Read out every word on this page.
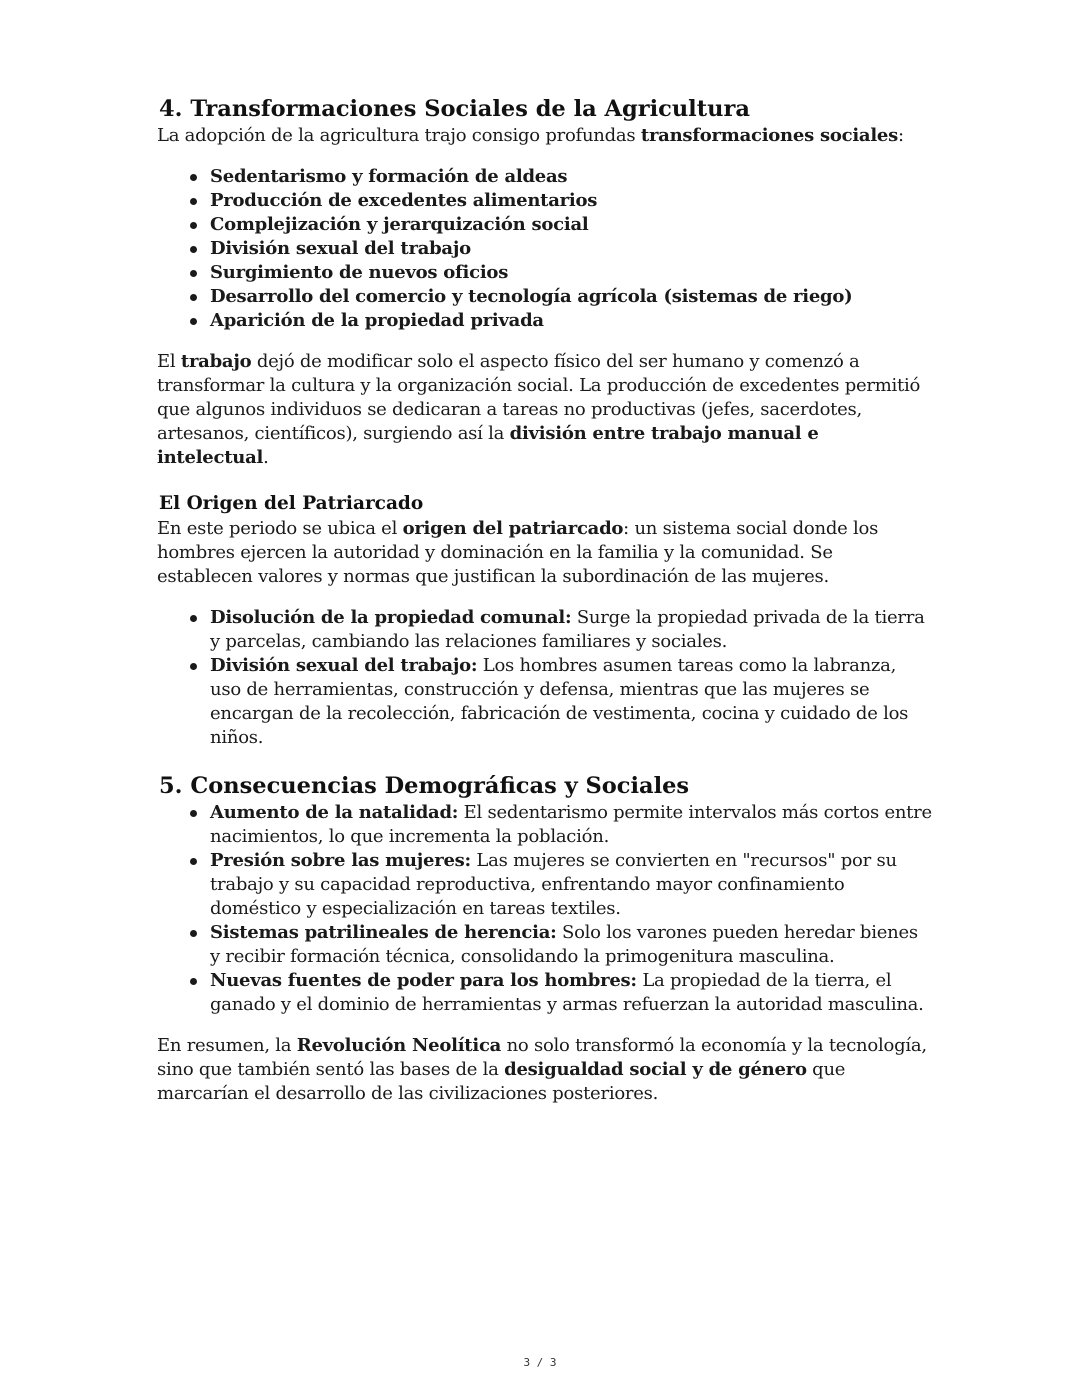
4. Transformaciones Sociales de la Agricultura

La adopción de la agricultura trajo consigo profundas transformaciones sociales:

Sedentarismo y formación de aldeas
Producción de excedentes alimentarios
Complejización y jerarquización social
División sexual del trabajo
Surgimiento de nuevos oficios
Desarrollo del comercio y tecnología agrícola (sistemas de riego)
Aparición de la propiedad privada

El trabajo dejó de modificar solo el aspecto físico del ser humano y comenzó a transformar la cultura y la organización social. La producción de excedentes permitió que algunos individuos se dedicaran a tareas no productivas (jefes, sacerdotes, artesanos, científicos), surgiendo así la división entre trabajo manual e intelectual.

El Origen del Patriarcado

En este periodo se ubica el origen del patriarcado: un sistema social donde los hombres ejercen la autoridad y dominación en la familia y la comunidad. Se establecen valores y normas que justifican la subordinación de las mujeres.

Disolución de la propiedad comunal: Surge la propiedad privada de la tierra y parcelas, cambiando las relaciones familiares y sociales.
División sexual del trabajo: Los hombres asumen tareas como la labranza, uso de herramientas, construcción y defensa, mientras que las mujeres se encargan de la recolección, fabricación de vestimenta, cocina y cuidado de los niños.
5. Consecuencias Demográficas y Sociales
Aumento de la natalidad: El sedentarismo permite intervalos más cortos entre nacimientos, lo que incrementa la población.
Presión sobre las mujeres: Las mujeres se convierten en "recursos" por su trabajo y su capacidad reproductiva, enfrentando mayor confinamiento doméstico y especialización en tareas textiles.
Sistemas patrilineales de herencia: Solo los varones pueden heredar bienes y recibir formación técnica, consolidando la primogenitura masculina.
Nuevas fuentes de poder para los hombres: La propiedad de la tierra, el ganado y el dominio de herramientas y armas refuerzan la autoridad masculina.

En resumen, la Revolución Neolítica no solo transformó la economía y la tecnología, sino que también sentó las bases de la desigualdad social y de género que marcarían el desarrollo de las civilizaciones posteriores.

3 / 3
